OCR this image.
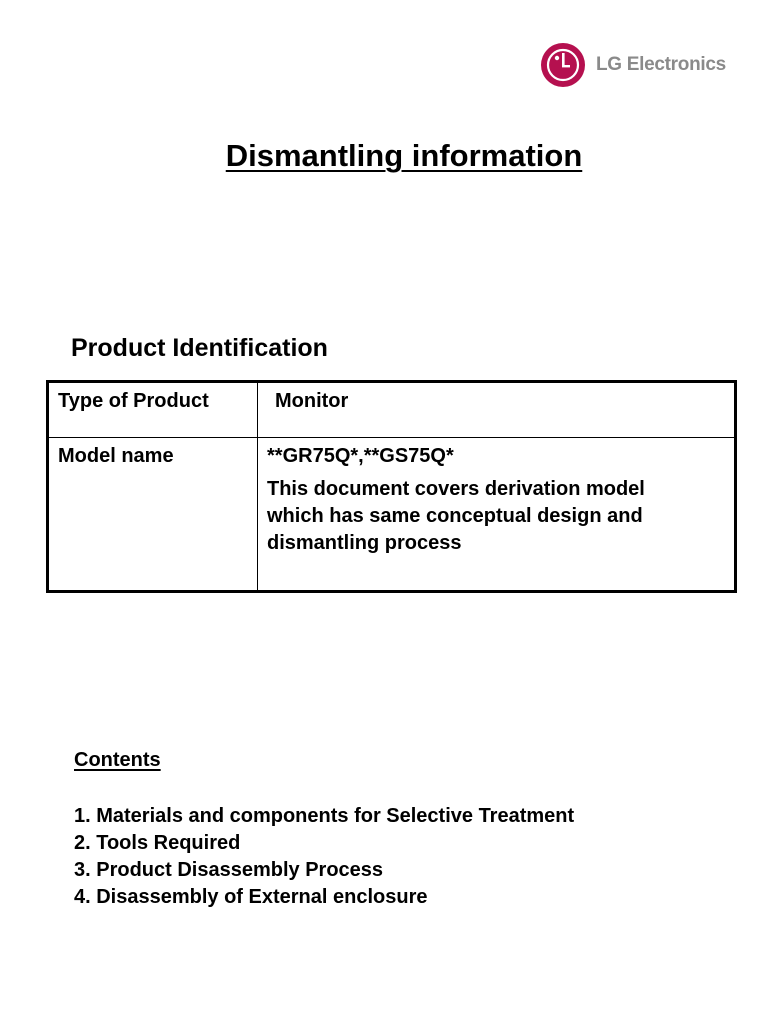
LG Electronics
Dismantling information
Product Identification
Type of Product	Monitor
Model name	**GR75Q*,**GS75Q*
This document covers derivation model which has same conceptual design and dismantling process
Contents
1. Materials and components for Selective Treatment
2. Tools Required
3. Product Disassembly Process
4. Disassembly of External enclosure
